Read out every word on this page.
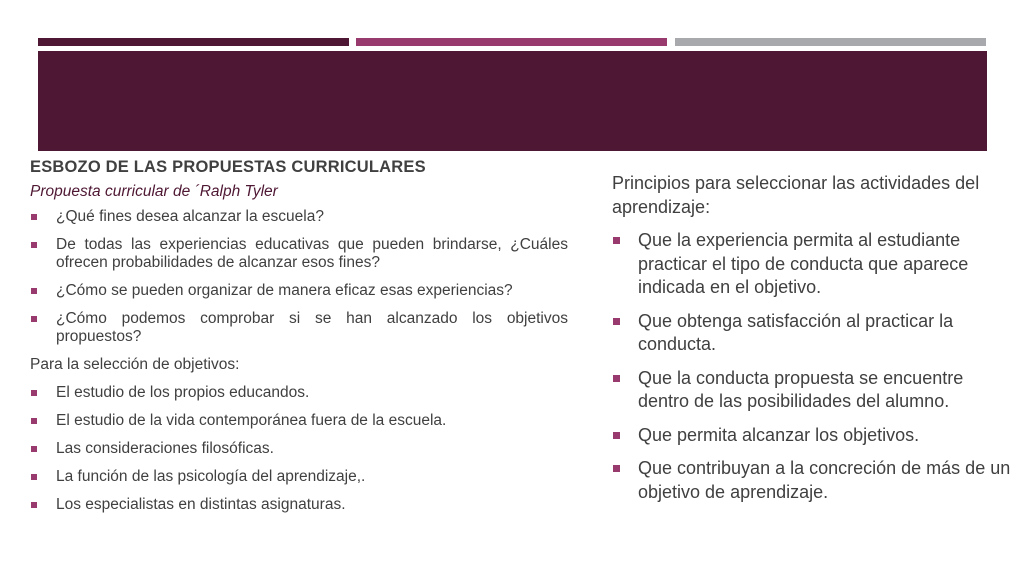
ESBOZO DE LAS PROPUESTAS CURRICULARES
Propuesta curricular de ´Ralph Tyler
¿Qué fines desea alcanzar la escuela?
De todas las experiencias educativas que pueden brindarse, ¿Cuáles ofrecen probabilidades de alcanzar esos fines?
¿Cómo se pueden organizar de manera eficaz esas experiencias?
¿Cómo podemos comprobar si se han alcanzado los objetivos propuestos?
Para la selección de objetivos:
El estudio de los propios educandos.
El estudio de la vida contemporánea fuera de la escuela.
Las consideraciones filosóficas.
La función de las psicología del aprendizaje,.
Los especialistas en distintas asignaturas.
Principios para seleccionar las actividades del aprendizaje:
Que la experiencia permita al estudiante practicar el tipo de conducta que aparece indicada en el objetivo.
Que obtenga satisfacción al practicar la conducta.
Que la conducta propuesta se encuentre dentro de las posibilidades del alumno.
Que permita alcanzar los objetivos.
Que contribuyan a la concreción de más de un objetivo de aprendizaje.
